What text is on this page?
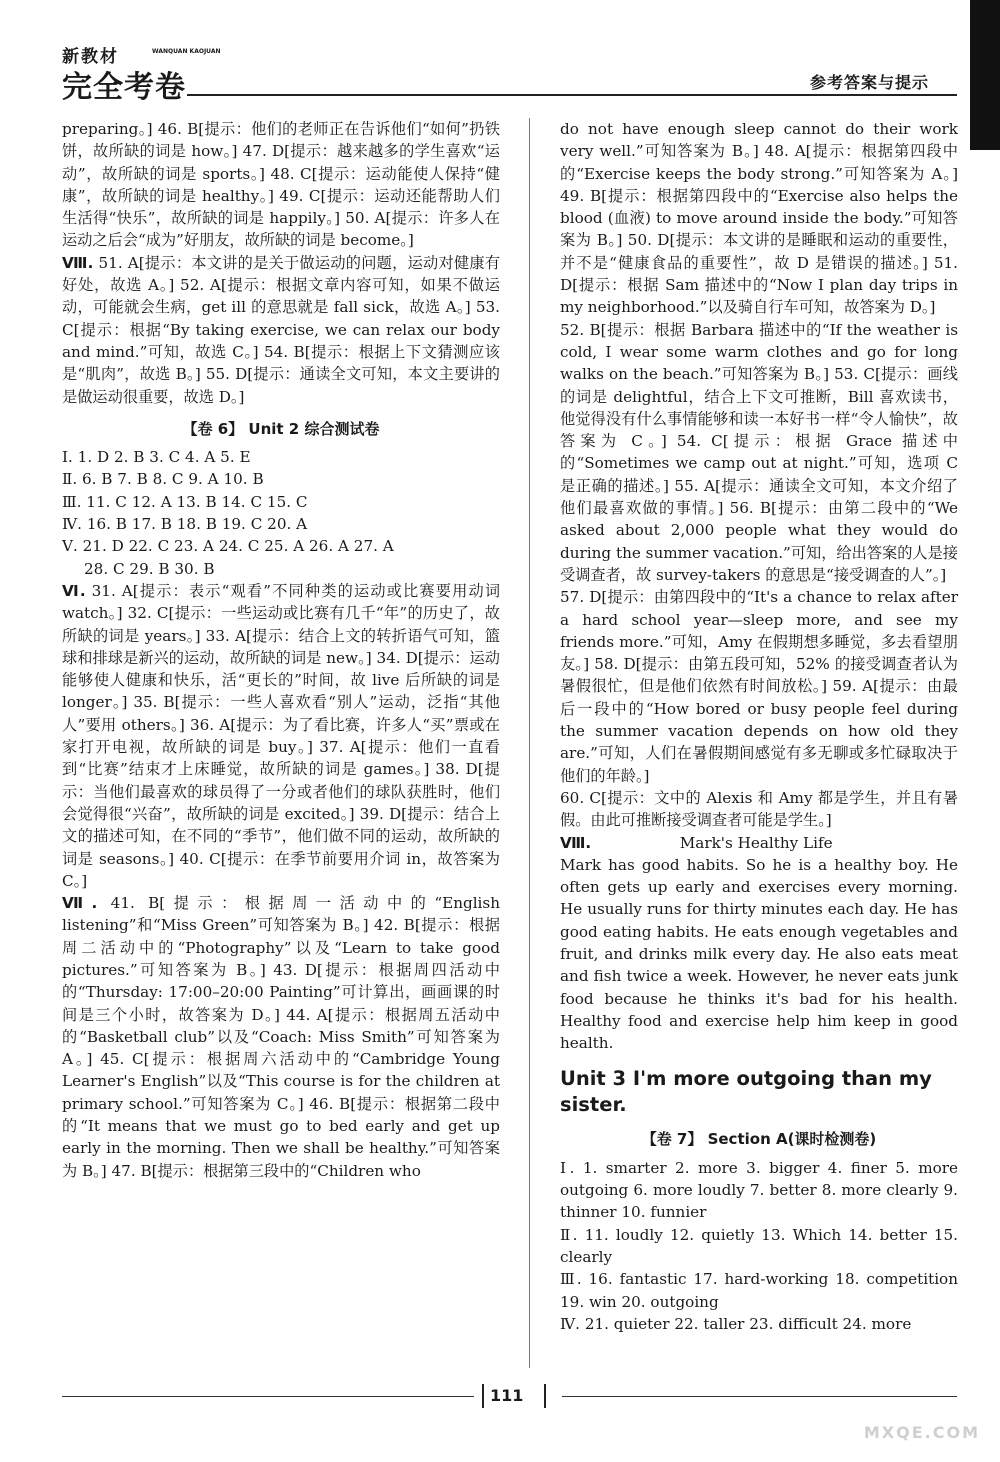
新教材	WANQUAN KAOJUAN
完全考卷	参考答案与提示

preparing。] 46. B[提示：他们的老师正在告诉他们“如何”扔铁饼，故所缺的词是 how。] 47. D[提示：越来越多的学生喜欢“运动”，故所缺的词是 sports。] 48. C[提示：运动能使人保持“健康”，故所缺的词是 healthy。] 49. C[提示：运动还能帮助人们生活得“快乐”，故所缺的词是 happily。] 50. A[提示：许多人在运动之后会“成为”好朋友，故所缺的词是 become。]

Ⅷ. 51. A[提示：本文讲的是关于做运动的问题，运动对健康有好处，故选 A。] 52. A[提示：根据文章内容可知，如果不做运动，可能就会生病，get ill 的意思就是 fall sick，故选 A。] 53. C[提示：根据“By taking exercise, we can relax our body and mind.”可知，故选 C。] 54. B[提示：根据上下文猜测应该是“肌肉”，故选 B。] 55. D[提示：通读全文可知，本文主要讲的是做运动很重要，故选 D。]

【卷 6】 Unit 2 综合测试卷

Ⅰ. 1. D 2. B 3. C 4. A 5. E

Ⅱ. 6. B 7. B 8. C 9. A 10. B

Ⅲ. 11. C 12. A 13. B 14. C 15. C

Ⅳ. 16. B 17. B 18. B 19. C 20. A

Ⅴ. 21. D 22. C 23. A 24. C 25. A 26. A 27. A

28. C 29. B 30. B

Ⅵ. 31. A[提示：表示“观看”不同种类的运动或比赛要用动词 watch。] 32. C[提示：一些运动或比赛有几千“年”的历史了，故所缺的词是 years。] 33. A[提示：结合上文的转折语气可知，篮球和排球是新兴的运动，故所缺的词是 new。] 34. D[提示：运动能够使人健康和快乐，活“更长的”时间，故 live 后所缺的词是 longer。] 35. B[提示：一些人喜欢看“别人”运动，泛指“其他人”要用 others。] 36. A[提示：为了看比赛，许多人“买”票或在家打开电视，故所缺的词是 buy。] 37. A[提示：他们一直看到“比赛”结束才上床睡觉，故所缺的词是 games。] 38. D[提示：当他们最喜欢的球员得了一分或者他们的球队获胜时，他们会觉得很“兴奋”，故所缺的词是 excited。] 39. D[提示：结合上文的描述可知，在不同的“季节”，他们做不同的运动，故所缺的词是 seasons。] 40. C[提示：在季节前要用介词 in，故答案为 C。]

Ⅶ. 41. B[提示：根据周一活动中的“English listening”和“Miss Green”可知答案为 B。] 42. B[提示：根据周二活动中的“Photography”以及“Learn to take good pictures.”可知答案为 B。] 43. D[提示：根据周四活动中的“Thursday: 17:00–20:00 Painting”可计算出，画画课的时间是三个小时，故答案为 D。] 44. A[提示：根据周五活动中的“Basketball club”以及“Coach: Miss Smith”可知答案为 A。] 45. C[提示：根据周六活动中的“Cambridge Young Learner's English”以及“This course is for the children at primary school.”可知答案为 C。] 46. B[提示：根据第二段中的“It means that we must go to bed early and get up early in the morning. Then we shall be healthy.”可知答案为 B。] 47. B[提示：根据第三段中的“Children who

do not have enough sleep cannot do their work very well.”可知答案为 B。] 48. A[提示：根据第四段中的“Exercise keeps the body strong.”可知答案为 A。] 49. B[提示：根据第四段中的“Exercise also helps the blood (血液) to move around inside the body.”可知答案为 B。] 50. D[提示：本文讲的是睡眠和运动的重要性，并不是“健康食品的重要性”，故 D 是错误的描述。] 51. D[提示：根据 Sam 描述中的“Now I plan day trips in my neighborhood.”以及骑自行车可知，故答案为 D。]

52. B[提示：根据 Barbara 描述中的“If the weather is cold, I wear some warm clothes and go for long walks on the beach.”可知答案为 B。] 53. C[提示：画线的词是 delightful，结合上下文可推断，Bill 喜欢读书，他觉得没有什么事情能够和读一本好书一样“令人愉快”，故答案为 C。] 54. C[提示：根据 Grace 描述中的“Sometimes we camp out at night.”可知，选项 C 是正确的描述。] 55. A[提示：通读全文可知，本文介绍了他们最喜欢做的事情。] 56. B[提示：由第二段中的“We asked about 2,000 people what they would do during the summer vacation.”可知，给出答案的人是接受调查者，故 survey-takers 的意思是“接受调查的人”。]

57. D[提示：由第四段中的“It's a chance to relax after a hard school year—sleep more, and see my friends more.”可知，Amy 在假期想多睡觉，多去看望朋友。] 58. D[提示：由第五段可知，52% 的接受调查者认为暑假很忙，但是他们依然有时间放松。] 59. A[提示：由最后一段中的“How bored or busy people feel during the summer vacation depends on how old they are.”可知，人们在暑假期间感觉有多无聊或多忙碌取决于他们的年龄。]

60. C[提示：文中的 Alexis 和 Amy 都是学生，并且有暑假。由此可推断接受调查者可能是学生。]

Ⅷ.	Mark's Healthy Life

Mark has good habits. So he is a healthy boy. He often gets up early and exercises every morning. He usually runs for thirty minutes each day. He has good eating habits. He eats enough vegetables and fruit, and drinks milk every day. He also eats meat and fish twice a week. However, he never eats junk food because he thinks it's bad for his health. Healthy food and exercise help him keep in good health.

Unit 3 I'm more outgoing than my sister.

【卷 7】 Section A(课时检测卷)

Ⅰ. 1. smarter 2. more 3. bigger 4. finer 5. more outgoing 6. more loudly 7. better 8. more clearly 9. thinner 10. funnier

Ⅱ. 11. loudly 12. quietly 13. Which 14. better 15. clearly

Ⅲ. 16. fantastic 17. hard-working 18. competition 19. win 20. outgoing

Ⅳ. 21. quieter 22. taller 23. difficult 24. more

111
MXQE.COM
